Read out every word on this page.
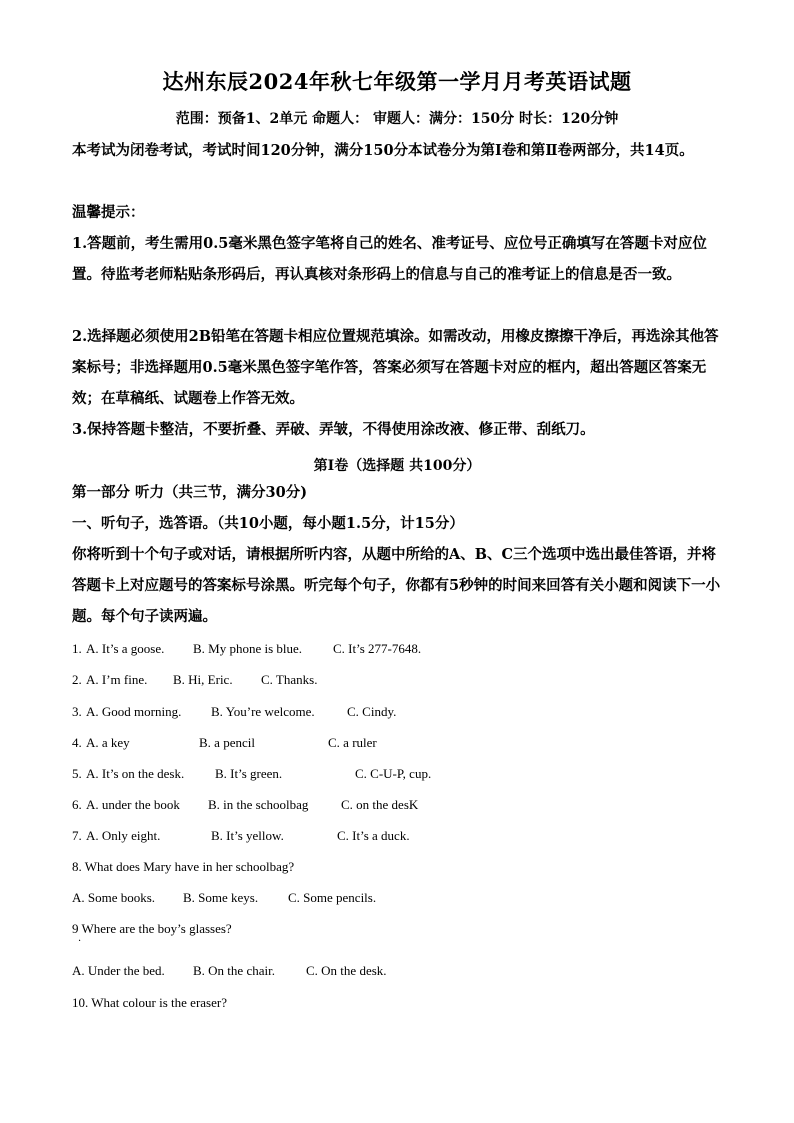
达州东辰2024年秋七年级第一学月月考英语试题
范围：预备1、2单元 命题人： 审题人：满分：150分 时长：120分钟
本考试为闭卷考试，考试时间120分钟，满分150分本试卷分为第Ⅰ卷和第Ⅱ卷两部分，共14页。
温馨提示：
1.答题前，考生需用0.5毫米黑色签字笔将自己的姓名、准考证号、应位号正确填写在答题卡对应位置。待监考老师粘贴条形码后，再认真核对条形码上的信息与自己的准考证上的信息是否一致。
2.选择题必须使用2B铅笔在答题卡相应位置规范填涂。如需改动，用橡皮擦擦干净后，再选涂其他答案标号；非选择题用0.5毫米黑色签字笔作答，答案必须写在答题卡对应的框内，超出答题区答案无效；在草稿纸、试题卷上作答无效。
3.保持答题卡整洁，不要折叠、弄破、弄皱，不得使用涂改液、修正带、刮纸刀。
第Ⅰ卷（选择题 共100分）
第一部分 听力（共三节，满分30分)
一、听句子，选答语。（共10小题，每小题1.5分，计15分）
你将听到十个句子或对话，请根据所听内容，从题中所给的A、B、C三个选项中选出最佳答语，并将答题卡上对应题号的答案标号涂黑。听完每个句子，你都有5秒钟的时间来回答有关小题和阅读下一小题。每个句子读两遍。
1. A. It’s a goose. B. My phone is blue. C. It’s 277-7648.
2. A. I’m fine. B. Hi, Eric. C. Thanks.
3. A. Good morning. B. You’re welcome. C. Cindy.
4. A. a key	B. a pencil	C. a ruler
5. A. It’s on the desk. B. It’s green.	C. C-U-P, cup.
6. A. under the book B. in the schoolbag	C. on the desK
7. A. Only eight.	B. It’s yellow.	C. It’s a duck.
8. What does Mary have in her schoolbag?
A. Some books. B. Some keys. C. Some pencils.
9 Where are the boy’s glasses?
·
A. Under the bed. B. On the chair. C. On the desk.
10. What colour is the eraser?
